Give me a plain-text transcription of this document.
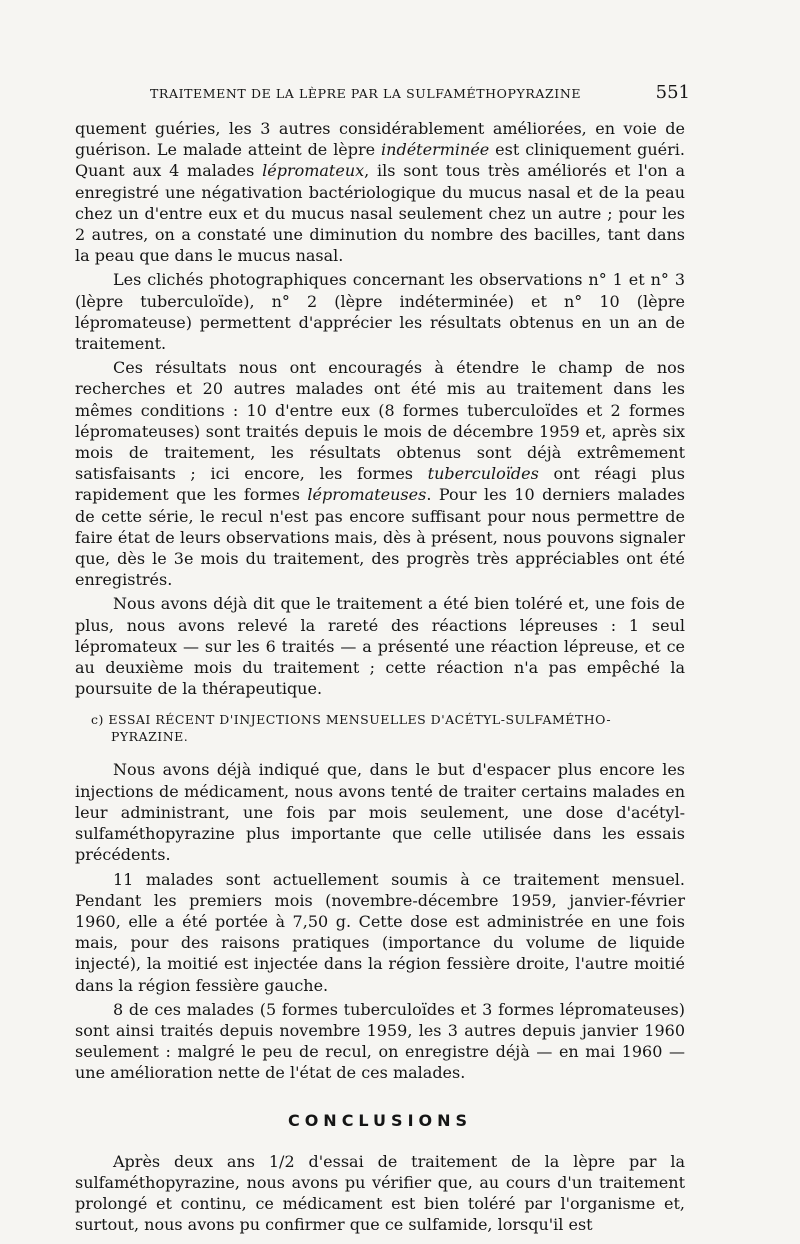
TRAITEMENT DE LA LÈPRE PAR LA SULFAMÉTHOPYRAZINE	551

quement guéries, les 3 autres considérablement améliorées, en voie de guérison. Le malade atteint de lèpre indéterminée est cliniquement guéri. Quant aux 4 malades lépromateux, ils sont tous très améliorés et l'on a enregistré une négativation bactériologique du mucus nasal et de la peau chez un d'entre eux et du mucus nasal seulement chez un autre ; pour les 2 autres, on a constaté une diminution du nombre des bacilles, tant dans la peau que dans le mucus nasal.

Les clichés photographiques concernant les observations n° 1 et n° 3 (lèpre tuberculoïde), n° 2 (lèpre indéterminée) et n° 10 (lèpre lépromateuse) permettent d'apprécier les résultats obtenus en un an de traitement.

Ces résultats nous ont encouragés à étendre le champ de nos recherches et 20 autres malades ont été mis au traitement dans les mêmes conditions : 10 d'entre eux (8 formes tuberculoïdes et 2 formes lépromateuses) sont traités depuis le mois de décembre 1959 et, après six mois de traitement, les résultats obtenus sont déjà extrêmement satisfaisants ; ici encore, les formes tuberculoïdes ont réagi plus rapidement que les formes lépromateuses. Pour les 10 derniers malades de cette série, le recul n'est pas encore suffisant pour nous permettre de faire état de leurs observations mais, dès à présent, nous pouvons signaler que, dès le 3e mois du traitement, des progrès très appréciables ont été enregistrés.

Nous avons déjà dit que le traitement a été bien toléré et, une fois de plus, nous avons relevé la rareté des réactions lépreuses : 1 seul lépromateux — sur les 6 traités — a présenté une réaction lépreuse, et ce au deuxième mois du traitement ; cette réaction n'a pas empêché la poursuite de la thérapeutique.

c) ESSAI RÉCENT D'INJECTIONS MENSUELLES D'ACÉTYL-SULFAMÉTHO-
PYRAZINE.

Nous avons déjà indiqué que, dans le but d'espacer plus encore les injections de médicament, nous avons tenté de traiter certains malades en leur administrant, une fois par mois seulement, une dose d'acétyl-sulfaméthopyrazine plus importante que celle utilisée dans les essais précédents.

11 malades sont actuellement soumis à ce traitement mensuel. Pendant les premiers mois (novembre-décembre 1959, janvier-février 1960, elle a été portée à 7,50 g. Cette dose est administrée en une fois mais, pour des raisons pratiques (importance du volume de liquide injecté), la moitié est injectée dans la région fessière droite, l'autre moitié dans la région fessière gauche.

8 de ces malades (5 formes tuberculoïdes et 3 formes lépromateuses) sont ainsi traités depuis novembre 1959, les 3 autres depuis janvier 1960 seulement : malgré le peu de recul, on enregistre déjà — en mai 1960 — une amélioration nette de l'état de ces malades.

CONCLUSIONS

Après deux ans 1/2 d'essai de traitement de la lèpre par la sulfaméthopyrazine, nous avons pu vérifier que, au cours d'un traitement prolongé et continu, ce médicament est bien toléré par l'organisme et, surtout, nous avons pu confirmer que ce sulfamide, lorsqu'il est
